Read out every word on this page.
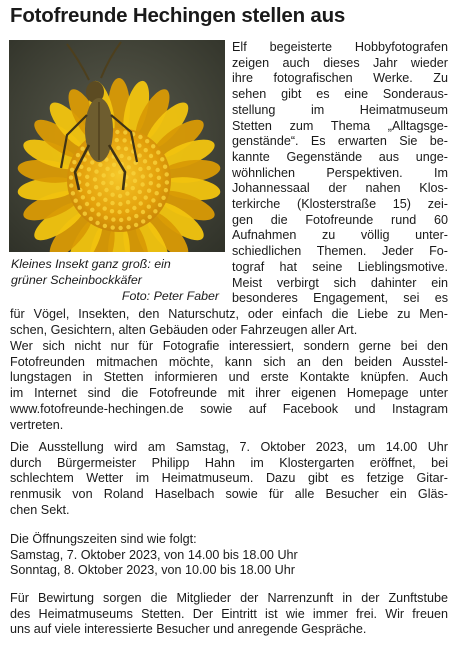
Fotofreunde Hechingen stellen aus
Kleines Insekt ganz groß: ein
grüner Scheinbockkäfer
Foto: Peter Faber
Elf begeisterte Hobbyfotografen
zeigen auch dieses Jahr wieder
ihre fotografischen Werke. Zu
sehen gibt es eine Sonderaus-
stellung im Heimatmuseum
Stetten zum Thema „Alltagsge-
genstände“. Es erwarten Sie be-
kannte Gegenstände aus unge-
wöhnlichen Perspektiven. Im
Johannessaal der nahen Klos-
terkirche (Klosterstraße 15) zei-
gen die Fotofreunde rund 60
Aufnahmen zu völlig unter-
schiedlichen Themen. Jeder Fo-
tograf hat seine Lieblingsmotive.
Meist verbirgt sich dahinter ein
besonderes Engagement, sei es
für Vögel, Insekten, den Naturschutz, oder einfach die Liebe zu Men-
schen, Gesichtern, alten Gebäuden oder Fahrzeugen aller Art.
Wer sich nicht nur für Fotografie interessiert, sondern gerne bei den
Fotofreunden mitmachen möchte, kann sich an den beiden Ausstel-
lungstagen in Stetten informieren und erste Kontakte knüpfen. Auch
im Internet sind die Fotofreunde mit ihrer eigenen Homepage unter
www.fotofreunde-hechingen.de sowie auf Facebook und Instagram
vertreten.
Die Ausstellung wird am Samstag, 7. Oktober 2023, um 14.00 Uhr
durch Bürgermeister Philipp Hahn im Klostergarten eröffnet, bei
schlechtem Wetter im Heimatmuseum. Dazu gibt es fetzige Gitar-
renmusik von Roland Haselbach sowie für alle Besucher ein Gläs-
chen Sekt.
Die Öffnungszeiten sind wie folgt:
Samstag, 7. Oktober 2023, von 14.00 bis 18.00 Uhr
Sonntag, 8. Oktober 2023, von 10.00 bis 18.00 Uhr
Für Bewirtung sorgen die Mitglieder der Narrenzunft in der Zunftstube
des Heimatmuseums Stetten. Der Eintritt ist wie immer frei. Wir freuen
uns auf viele interessierte Besucher und anregende Gespräche.
